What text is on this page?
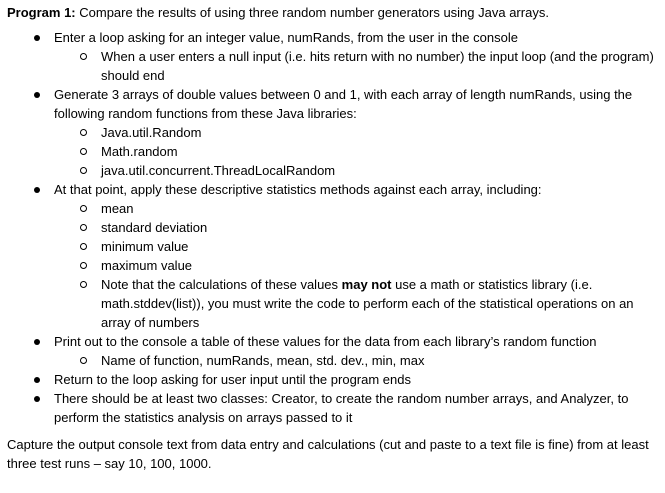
Program 1: Compare the results of using three random number generators using Java arrays.
Enter a loop asking for an integer value, numRands, from the user in the console
When a user enters a null input (i.e. hits return with no number) the input loop (and the program) should end
Generate 3 arrays of double values between 0 and 1, with each array of length numRands, using the following random functions from these Java libraries:
Java.util.Random
Math.random
java.util.concurrent.ThreadLocalRandom
At that point, apply these descriptive statistics methods against each array, including:
mean
standard deviation
minimum value
maximum value
Note that the calculations of these values may not use a math or statistics library (i.e. math.stddev(list)), you must write the code to perform each of the statistical operations on an array of numbers
Print out to the console a table of these values for the data from each library’s random function
Name of function, numRands, mean, std. dev., min, max
Return to the loop asking for user input until the program ends
There should be at least two classes: Creator, to create the random number arrays, and Analyzer, to perform the statistics analysis on arrays passed to it
Capture the output console text from data entry and calculations (cut and paste to a text file is fine) from at least three test runs – say 10, 100, 1000.
